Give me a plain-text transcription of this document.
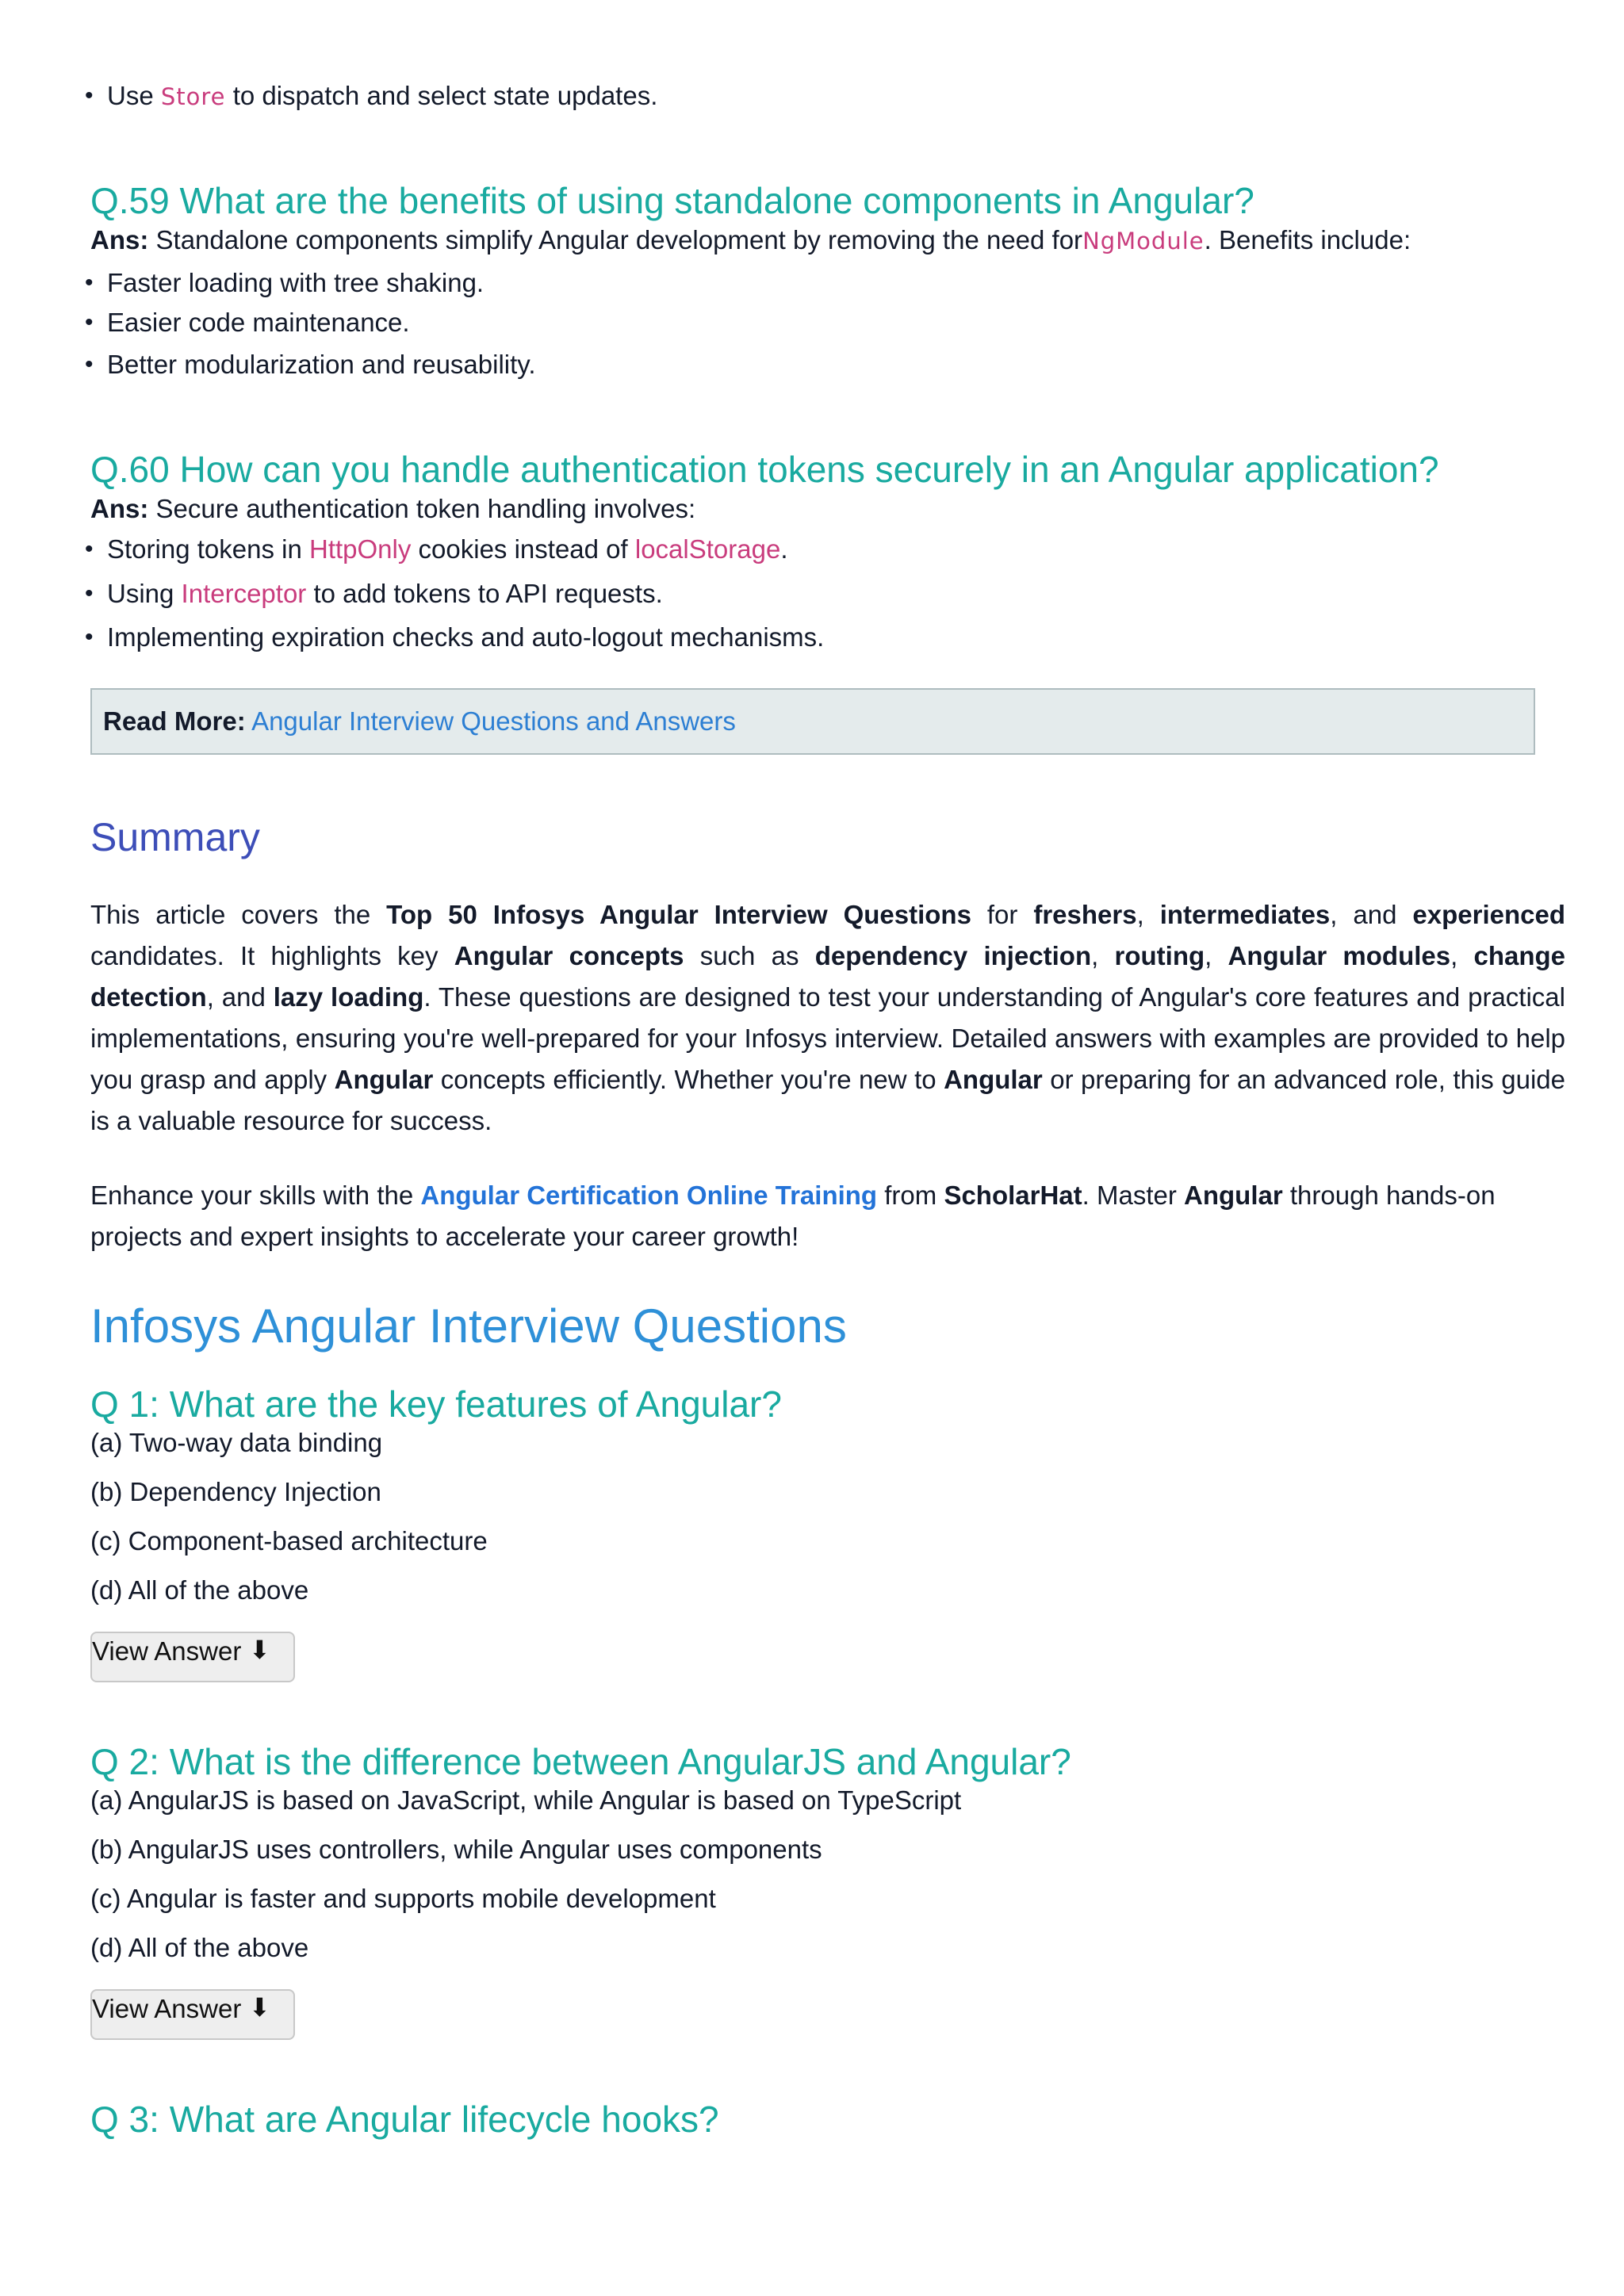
• Use Store to dispatch and select state updates.
Q.59 What are the benefits of using standalone components in Angular?
Ans: Standalone components simplify Angular development by removing the need forNgModule. Benefits include:
• Faster loading with tree shaking.
• Easier code maintenance.
• Better modularization and reusability.
Q.60 How can you handle authentication tokens securely in an Angular application?
Ans: Secure authentication token handling involves:
• Storing tokens in HttpOnly cookies instead of localStorage.
• Using Interceptor to add tokens to API requests.
• Implementing expiration checks and auto-logout mechanisms.
Read More: Angular Interview Questions and Answers
Summary

This article covers the Top 50 Infosys Angular Interview Questions for freshers, intermediates, and experienced candidates. It highlights key Angular concepts such as dependency injection, routing, Angular modules, change detection, and lazy loading. These questions are designed to test your understanding of Angular's core features and practical implementations, ensuring you're well-prepared for your Infosys interview. Detailed answers with examples are provided to help you grasp and apply Angular concepts efficiently. Whether you're new to Angular or preparing for an advanced role, this guide is a valuable resource for success.

Enhance your skills with the Angular Certification Online Training from ScholarHat. Master Angular through hands-on projects and expert insights to accelerate your career growth!

Infosys Angular Interview Questions
Q 1: What are the key features of Angular?
(a) Two-way data binding
(b) Dependency Injection
(c) Component-based architecture
(d) All of the above
View Answer ⬇
Q 2: What is the difference between AngularJS and Angular?
(a) AngularJS is based on JavaScript, while Angular is based on TypeScript
(b) AngularJS uses controllers, while Angular uses components
(c) Angular is faster and supports mobile development
(d) All of the above
View Answer ⬇
Q 3: What are Angular lifecycle hooks?
